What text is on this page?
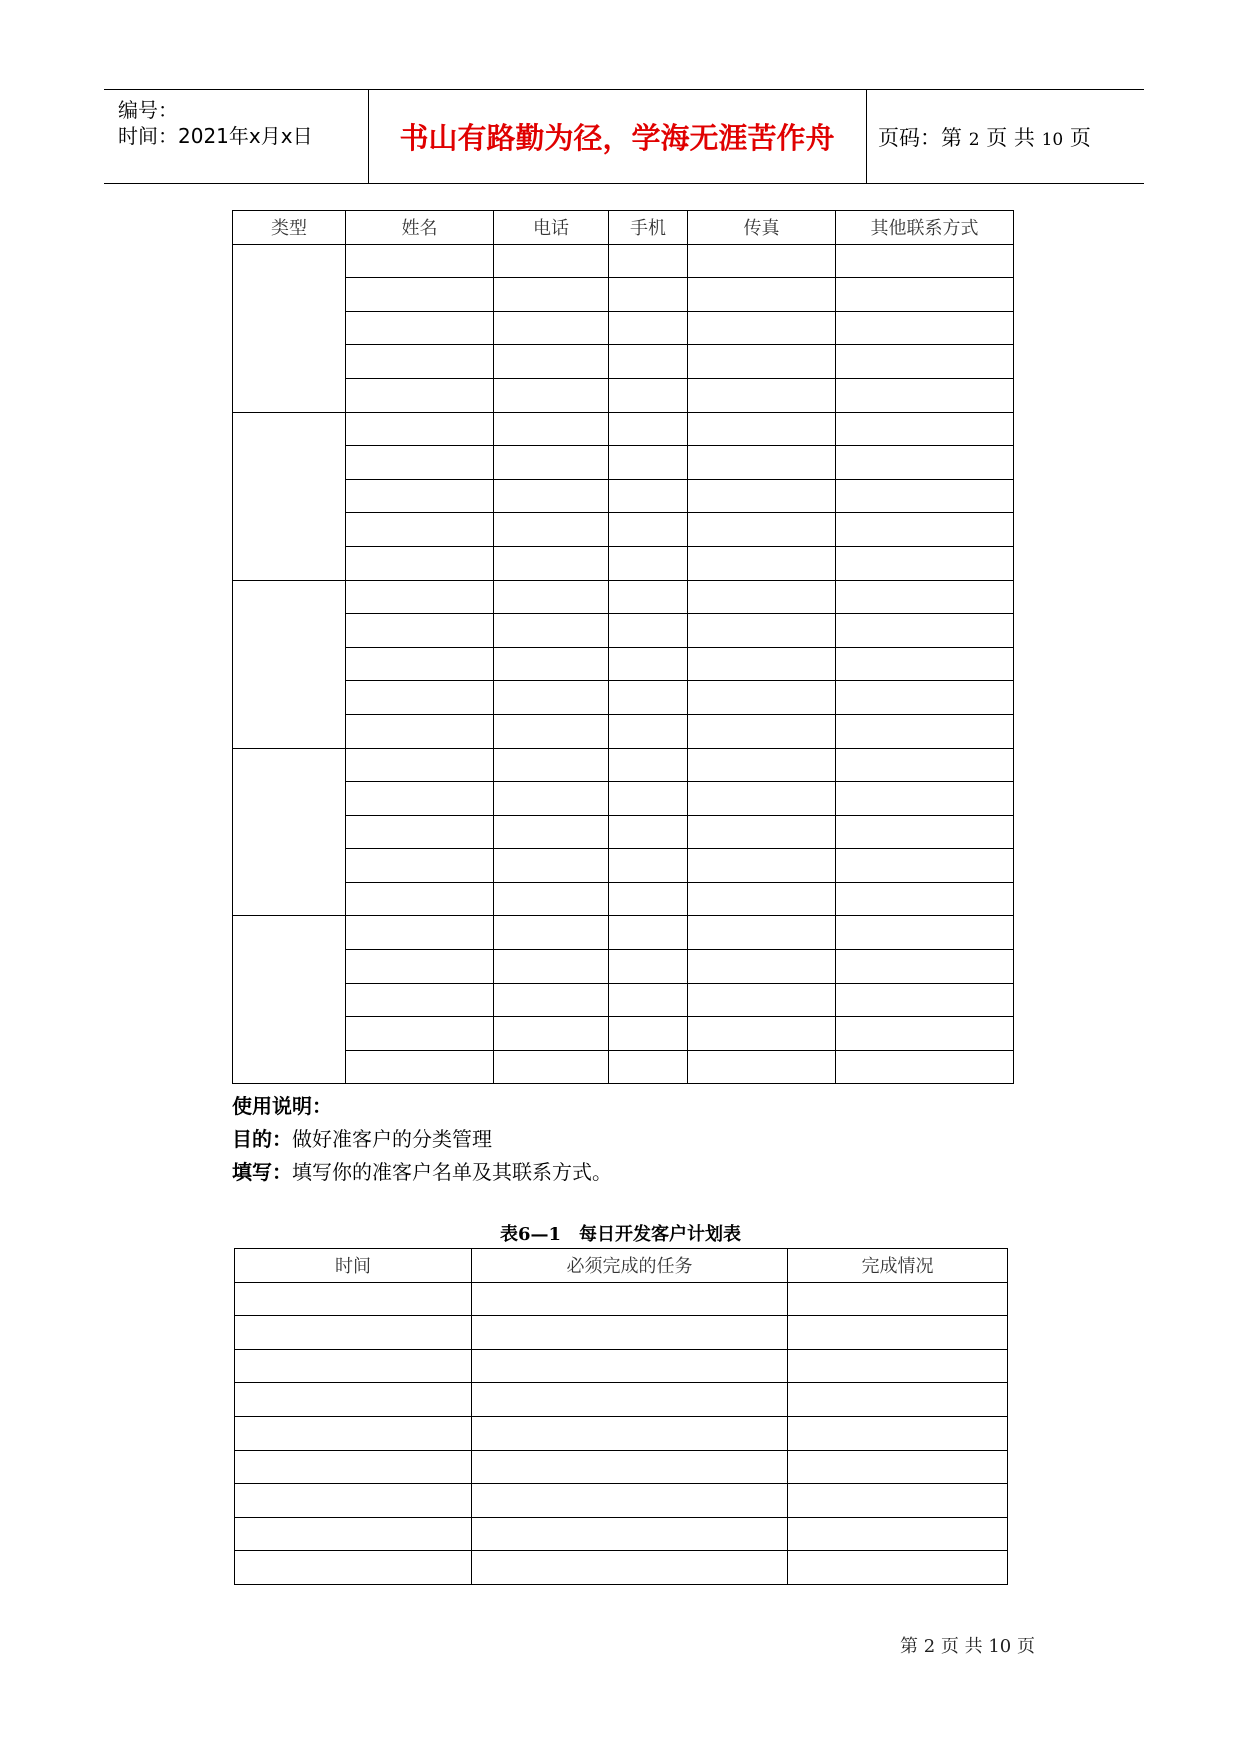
编号：
时间：2021年x月x日	书山有路勤为径，学海无涯苦作舟	页码：第 2 页 共 10 页
类型	姓名	电话	手机	传真	其他联系方式

使用说明：
目的：做好准客户的分类管理
填写：填写你的准客户名单及其联系方式。
表6—1　每日开发客户计划表
时间	必须完成的任务	完成情况

第 2 页 共 10 页
